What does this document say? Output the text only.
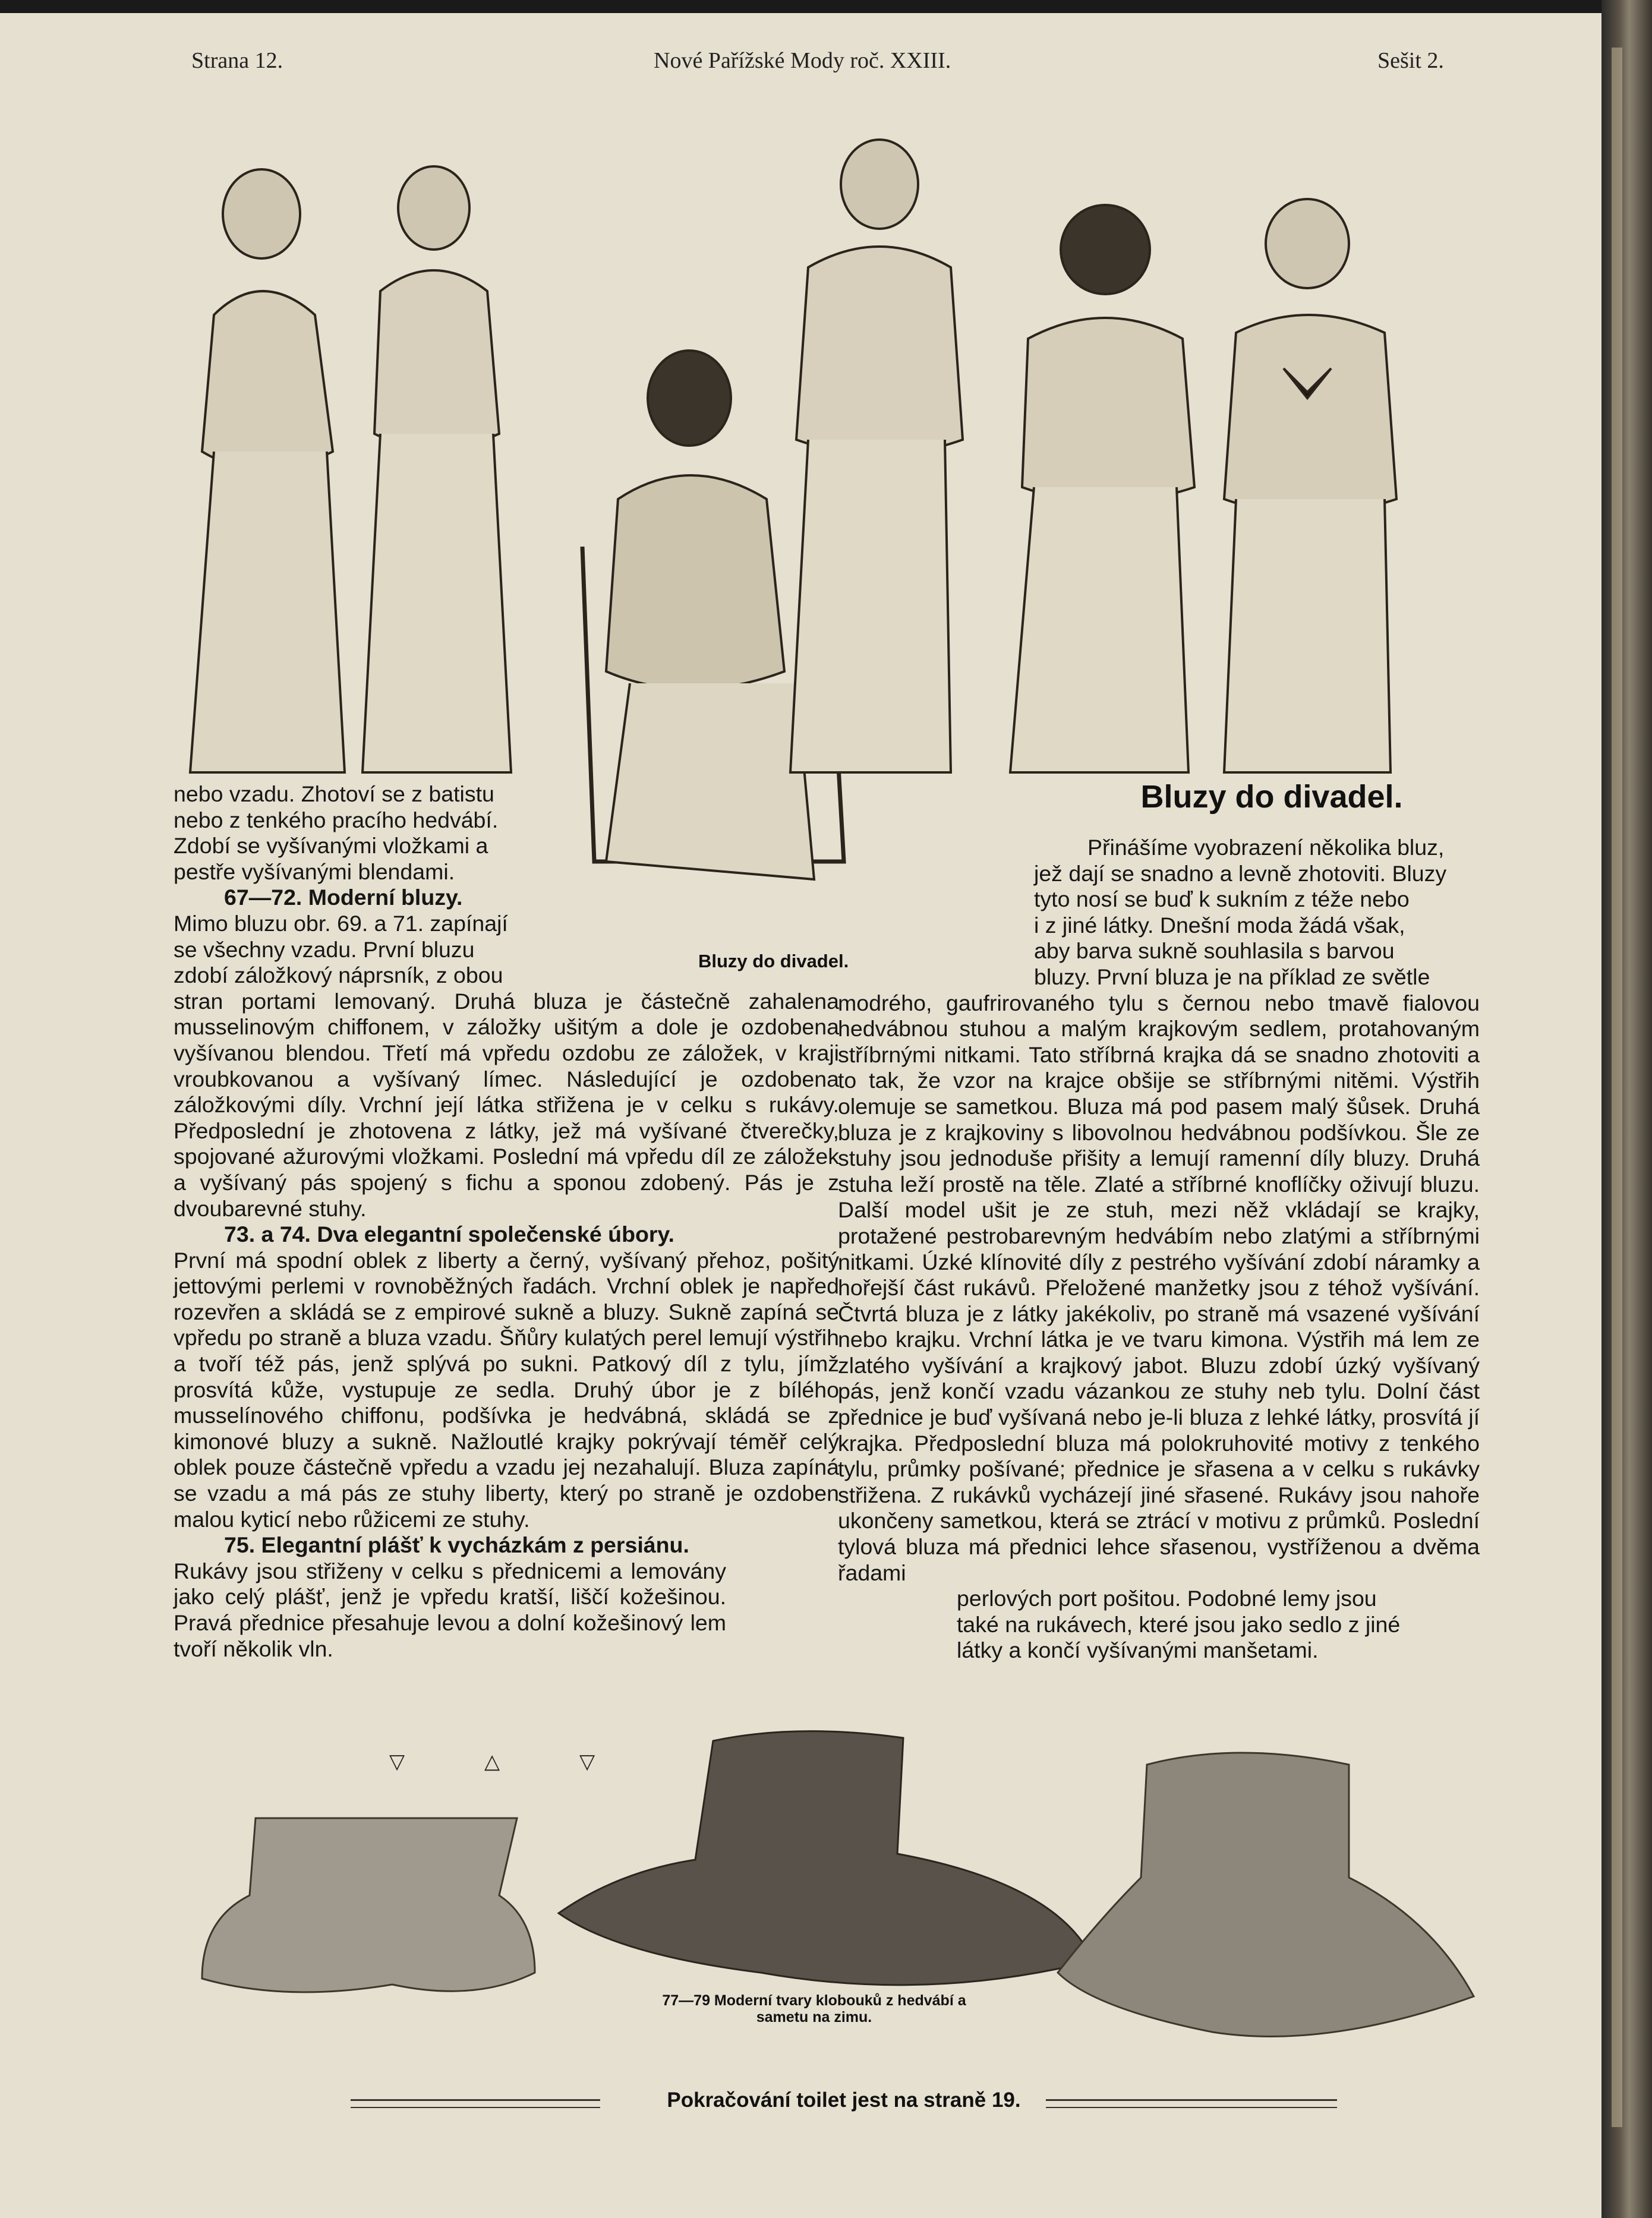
Strana 12.	Nové Pařížské Mody roč. XXIII.	Sešit 2.
Bluzy do divadel.

nebo vzadu. Zhotoví se z batistu

nebo z tenkého pracího hedvábí.

Zdobí se vyšívanými vložkami a

pestře vyšívanými blendami.

67—72. Moderní bluzy.

Mimo bluzu obr. 69. a 71. zapínají

se všechny vzadu. První bluzu

zdobí záložkový náprsník, z obou

stran portami lemovaný. Druhá bluza je částečně zahalena musselinovým chiffonem, v záložky ušitým a dole je ozdobena vyšívanou blendou. Třetí má vpředu ozdobu ze záložek, v kraji vroubkovanou a vyšívaný límec. Následující je ozdobena záložkovými díly. Vrchní její látka střižena je v celku s rukávy. Předposlední je zhotovena z látky, jež má vyšívané čtverečky, spojované ažurovými vložkami. Poslední má vpředu díl ze záložek a vyšívaný pás spojený s fichu a sponou zdobený. Pás je z dvoubarevné stuhy.

73. a 74. Dva elegantní společenské úbory.

První má spodní oblek z liberty a černý, vyšívaný přehoz, pošitý jettovými perlemi v rovnoběžných řadách. Vrchní oblek je napřed rozevřen a skládá se z empirové sukně a bluzy. Sukně zapíná se vpředu po straně a bluza vzadu. Šňůry kulatých perel lemují výstřih a tvoří též pás, jenž splývá po sukni. Patkový díl z tylu, jímž prosvítá kůže, vystupuje ze sedla. Druhý úbor je z bílého musselínového chiffonu, podšívka je hedvábná, skládá se z kimonové bluzy a sukně. Nažloutlé krajky pokrývají téměř celý oblek pouze částečně vpředu a vzadu jej nezahalují. Bluza zapíná se vzadu a má pás ze stuhy liberty, který po straně je ozdoben malou kyticí nebo růžicemi ze stuhy.

75. Elegantní plášť k vycházkám z persiánu.

Rukávy jsou střiženy v celku s přednicemi a lemovány jako celý plášť, jenž je vpředu kratší, liščí kožešinou. Pravá přednice přesahuje levou a dolní kožešinový lem tvoří několik vln.

▽	△	▽
Bluzy do divadel.

Přinášíme vyobrazení několika bluz,

jež dají se snadno a levně zhotoviti. Bluzy

tyto nosí se buď k sukním z téže nebo

i z jiné látky. Dnešní moda žádá však,

aby barva sukně souhlasila s barvou

bluzy. První bluza je na příklad ze světle

modrého, gaufrirovaného tylu s černou nebo tmavě fialovou hedvábnou stuhou a malým krajkovým sedlem, protahovaným stříbrnými nitkami. Tato stříbrná krajka dá se snadno zhotoviti a to tak, že vzor na krajce obšije se stříbrnými nitěmi. Výstřih olemuje se sametkou. Bluza má pod pasem malý šůsek. Druhá bluza je z krajkoviny s libovolnou hedvábnou podšívkou. Šle ze stuhy jsou jednoduše přišity a lemují ramenní díly bluzy. Druhá stuha leží prostě na těle. Zlaté a stříbrné knoflíčky oživují bluzu. Další model ušit je ze stuh, mezi něž vkládají se krajky, protažené pestrobarevným hedvábím nebo zlatými a stříbrnými nitkami. Úzké klínovité díly z pestrého vyšívání zdobí náramky a hořejší část rukávů. Přeložené manžetky jsou z téhož vyšívání. Čtvrtá bluza je z látky jakékoliv, po straně má vsazené vyšívání nebo krajku. Vrchní látka je ve tvaru kimona. Výstřih má lem ze zlatého vyšívání a krajkový jabot. Bluzu zdobí úzký vyšívaný pás, jenž končí vzadu vázankou ze stuhy neb tylu. Dolní část přednice je buď vyšívaná nebo je-li bluza z lehké látky, prosvítá jí krajka. Předposlední bluza má polokruhovité motivy z tenkého tylu, průmky pošívané; přednice je sřasena a v celku s rukávky střižena. Z rukávků vycházejí jiné sřasené. Rukávy jsou nahoře ukončeny sametkou, která se ztrácí v motivu z průmků. Poslední tylová bluza má přednici lehce sřasenou, vystříženou a dvěma řadami

perlových port pošitou. Podobné lemy jsou

také na rukávech, které jsou jako sedlo z jiné

látky a končí vyšívanými manšetami.

77—79 Moderní tvary klobouků z hedvábí a
sametu na zimu.
Pokračování toilet jest na straně 19.
